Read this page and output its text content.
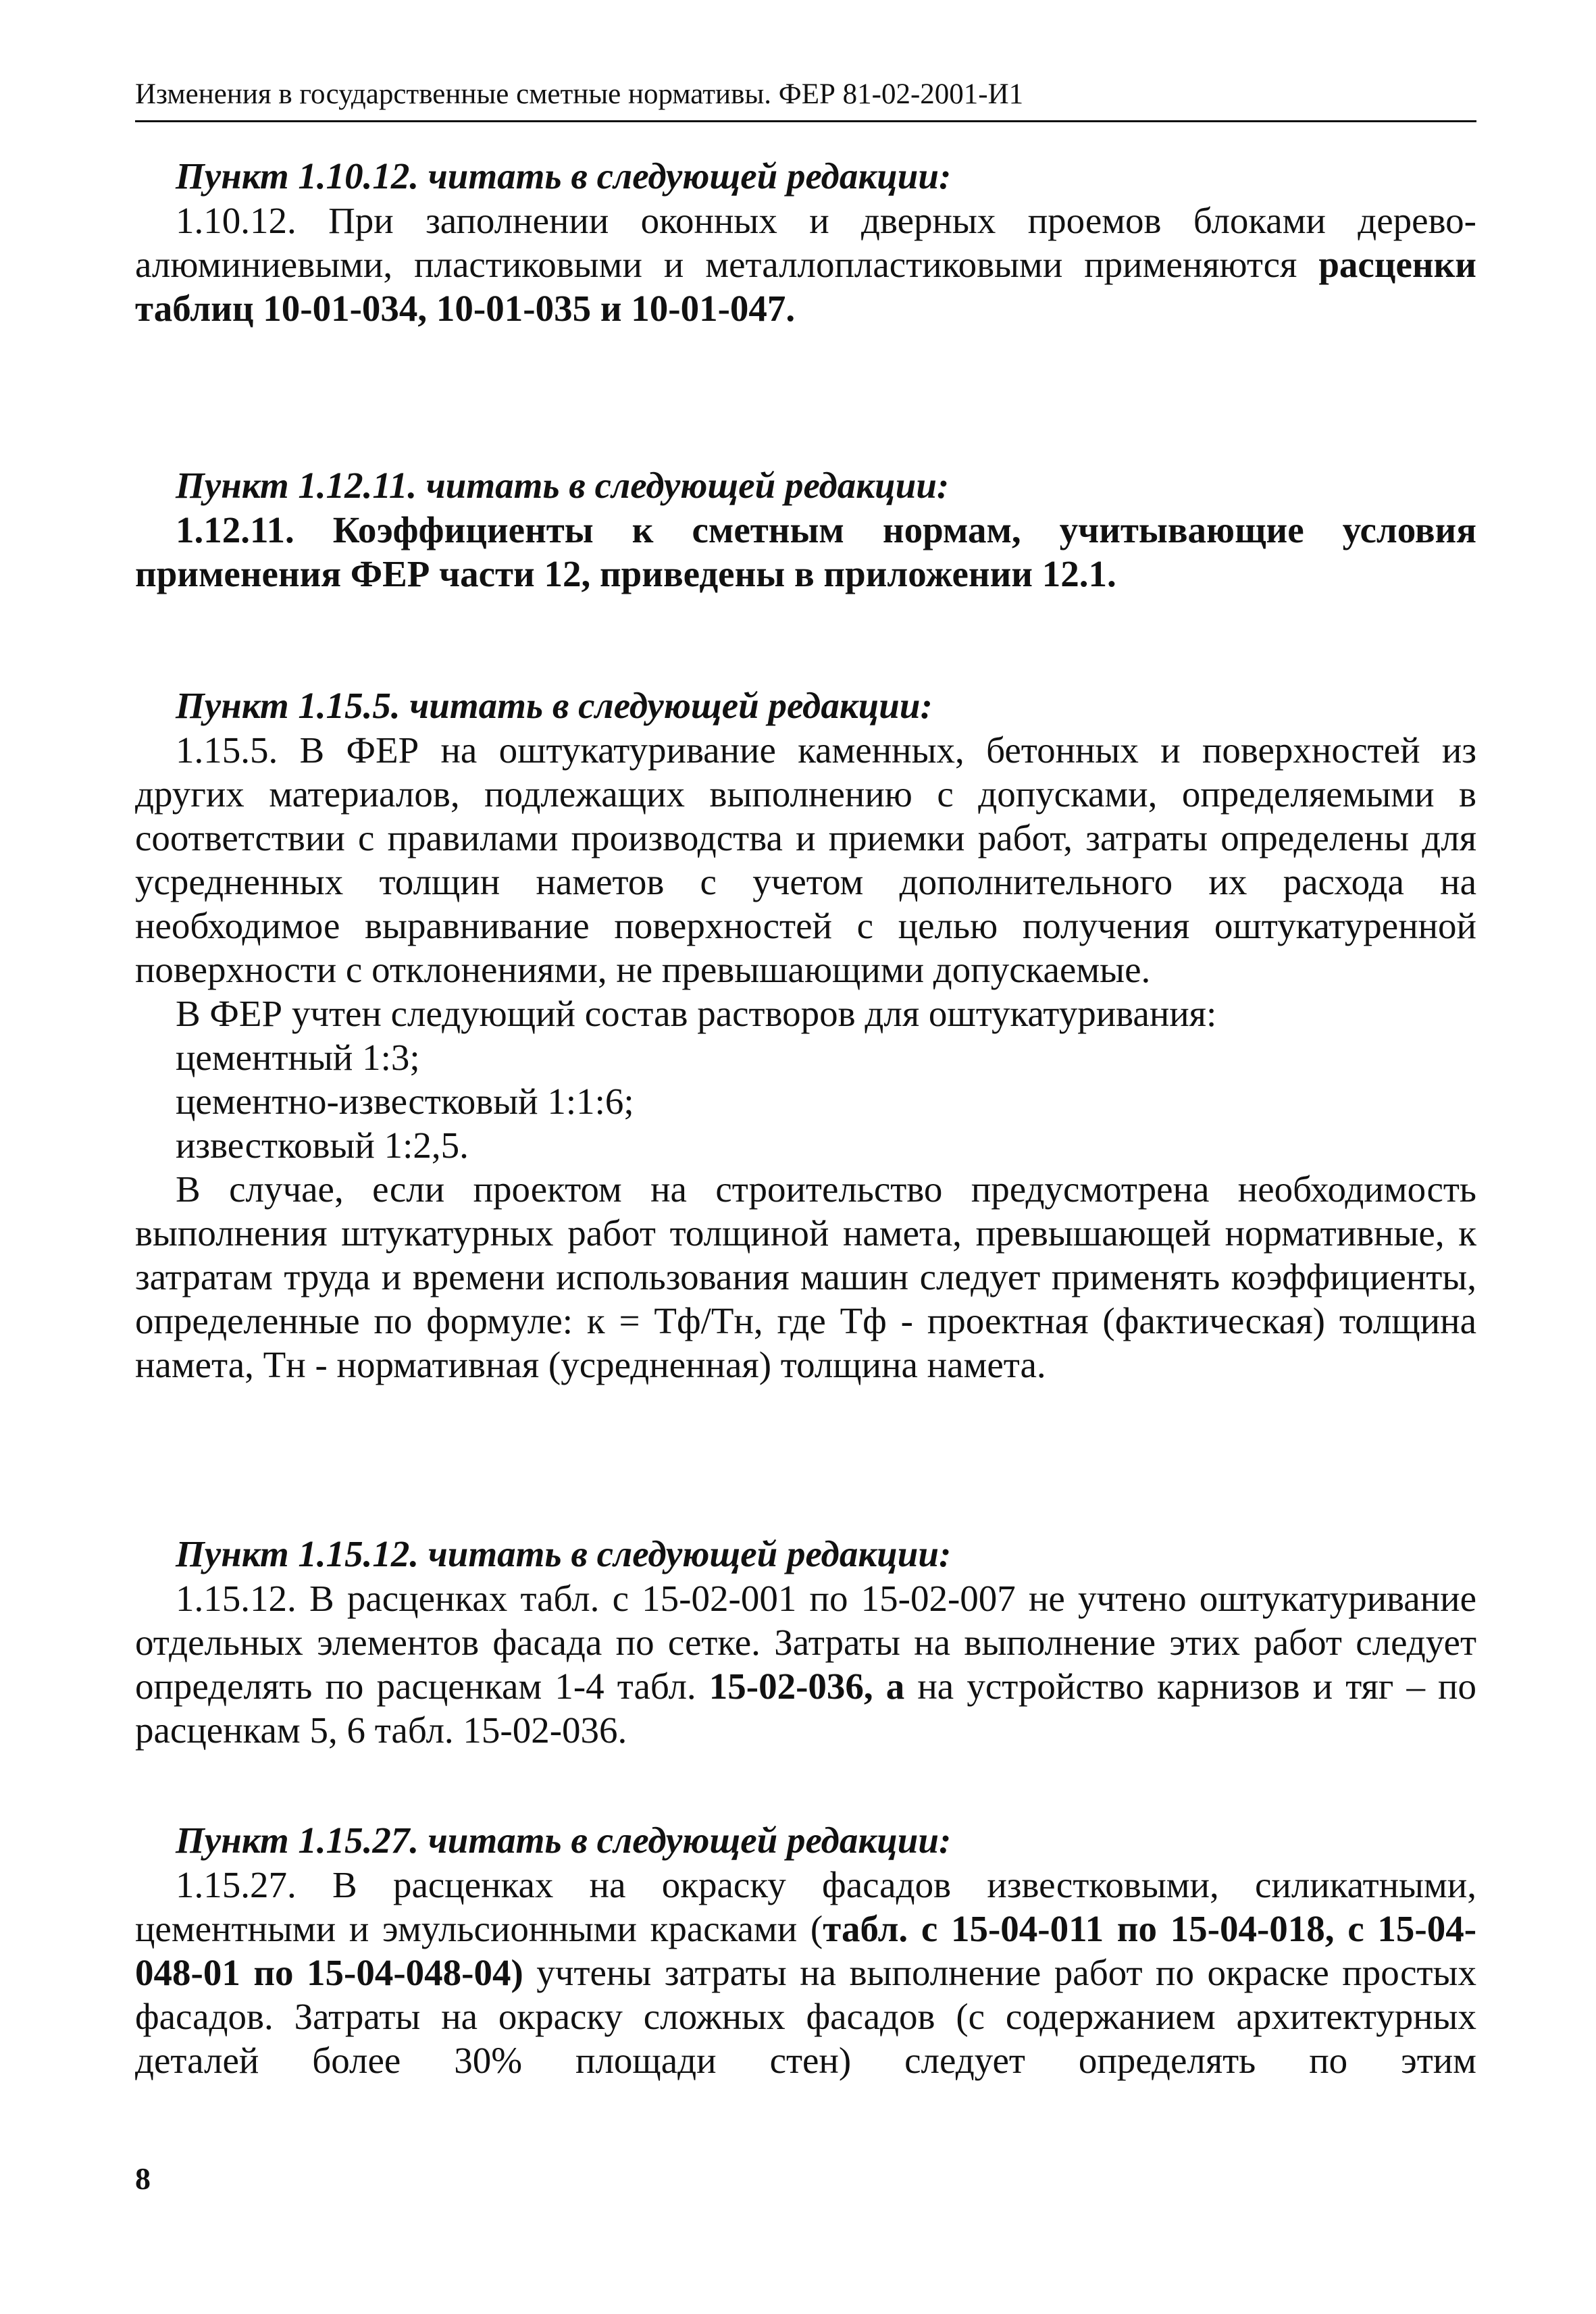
Изменения в государственные сметные нормативы. ФЕР 81-02-2001-И1
Пункт 1.10.12. читать в следующей редакции:

1.10.12. При заполнении оконных и дверных проемов блоками дерево-алюминиевыми, пластиковыми и металлопластиковыми применяются расценки таблиц 10-01-034, 10-01-035 и 10-01-047.

Пункт 1.12.11. читать в следующей редакции:

1.12.11. Коэффициенты к сметным нормам, учитывающие условия применения ФЕР части 12, приведены в приложении 12.1.

Пункт 1.15.5. читать в следующей редакции:

1.15.5. В ФЕР на оштукатуривание каменных, бетонных и поверхностей из других материалов, подлежащих выполнению с допусками, определяемыми в соответствии с правилами производства и приемки работ, затраты определены для усредненных толщин наметов с учетом дополнительного их расхода на необходимое выравнивание поверхностей с целью получения оштукатуренной поверхности с отклонениями, не превышающими допускаемые.

В ФЕР учтен следующий состав растворов для оштукатуривания:

цементный 1:3;

цементно-известковый 1:1:6;

известковый 1:2,5.

В случае, если проектом на строительство предусмотрена необходимость выполнения штукатурных работ толщиной намета, превышающей нормативные, к затратам труда и времени использования машин следует применять коэффициенты, определенные по формуле: к = Тф/Тн, где Тф - проектная (фактическая) толщина намета, Тн - нормативная (усредненная) толщина намета.

Пункт 1.15.12. читать в следующей редакции:

1.15.12. В расценках табл. с 15-02-001 по 15-02-007 не учтено оштукатуривание отдельных элементов фасада по сетке. Затраты на выполнение этих работ следует определять по расценкам 1-4 табл. 15-02-036, а на устройство карнизов и тяг – по расценкам 5, 6 табл. 15-02-036.

Пункт 1.15.27. читать в следующей редакции:

1.15.27. В расценках на окраску фасадов известковыми, силикатными, цементными и эмульсионными красками (табл. с 15-04-011 по 15-04-018, с 15-04-048-01 по 15-04-048-04) учтены затраты на выполнение работ по окраске простых фасадов. Затраты на окраску сложных фасадов (с содержанием архитектурных деталей более 30% площади стен) следует определять по этим

8
